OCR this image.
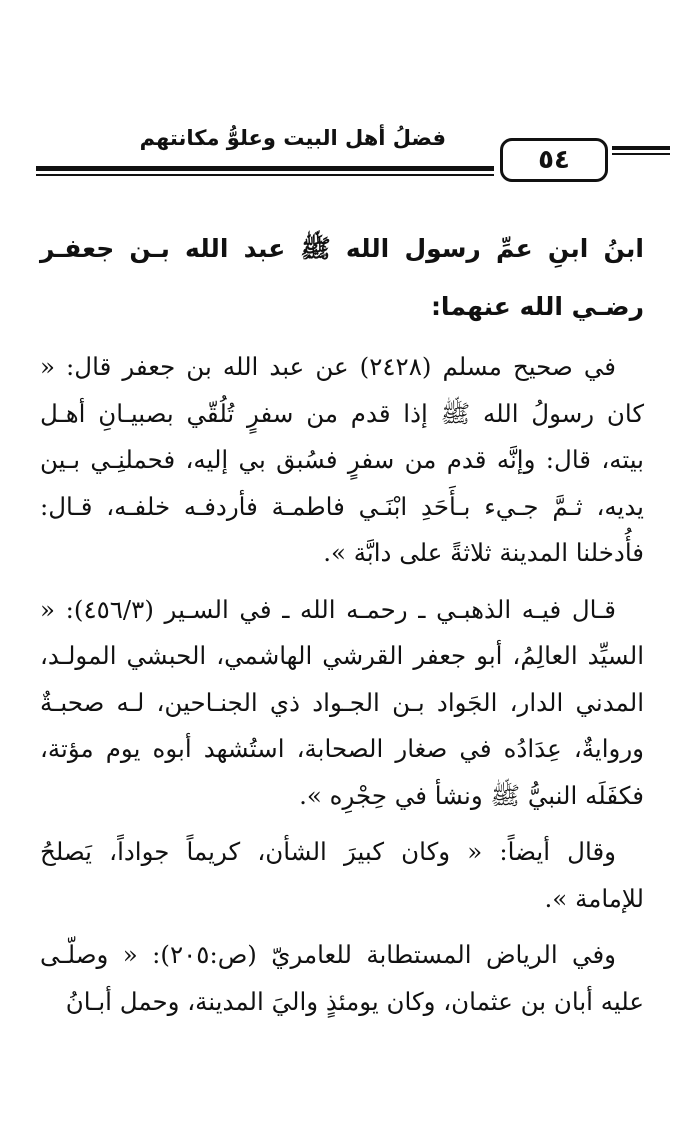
٥٤
فضلُ أهل البيت وعلوُّ مكانتهم

ابنُ ابنِ عمِّ رسول الله ﷺ عبد الله بـن جعفـر رضـي الله عنهما:

في صحيح مسلم (٢٤٢٨) عن عبد الله بن جعفر قال: « كان رسولُ الله ﷺ إذا قدم من سفرٍ تُلُقّي بصبيـانِ أهـل بيته، قال: وإنَّه قدم من سفرٍ فسُبق بي إليه، فحملنِـي بـين يديه، ثـمَّ جـيء بـأَحَدِ ابْنَـي فاطمـة فأردفـه خلفـه، قـال: فأُدخلنا المدينة ثلاثةً على دابَّة ».

قـال فيـه الذهبـي ـ رحمـه الله ـ في السـير (٤٥٦/٣): « السيِّد العالِمُ، أبو جعفر القرشي الهاشمي، الحبشي المولـد، المدني الدار، الجَواد بـن الجـواد ذي الجنـاحين، لـه صحبـةٌ وروايةٌ، عِدَادُه في صغار الصحابة، استُشهد أبوه يوم مؤتة، فكفَلَه النبيُّ ﷺ ونشأ في حِجْرِه ».

وقال أيضاً: « وكان كبيرَ الشأن، كريماً جواداً، يَصلحُ للإمامة ».

وفي الرياض المستطابة للعامريّ (ص:٢٠٥): « وصلّـى عليه أبان بن عثمان، وكان يومئذٍ واليَ المدينة، وحمل أبـانُ
